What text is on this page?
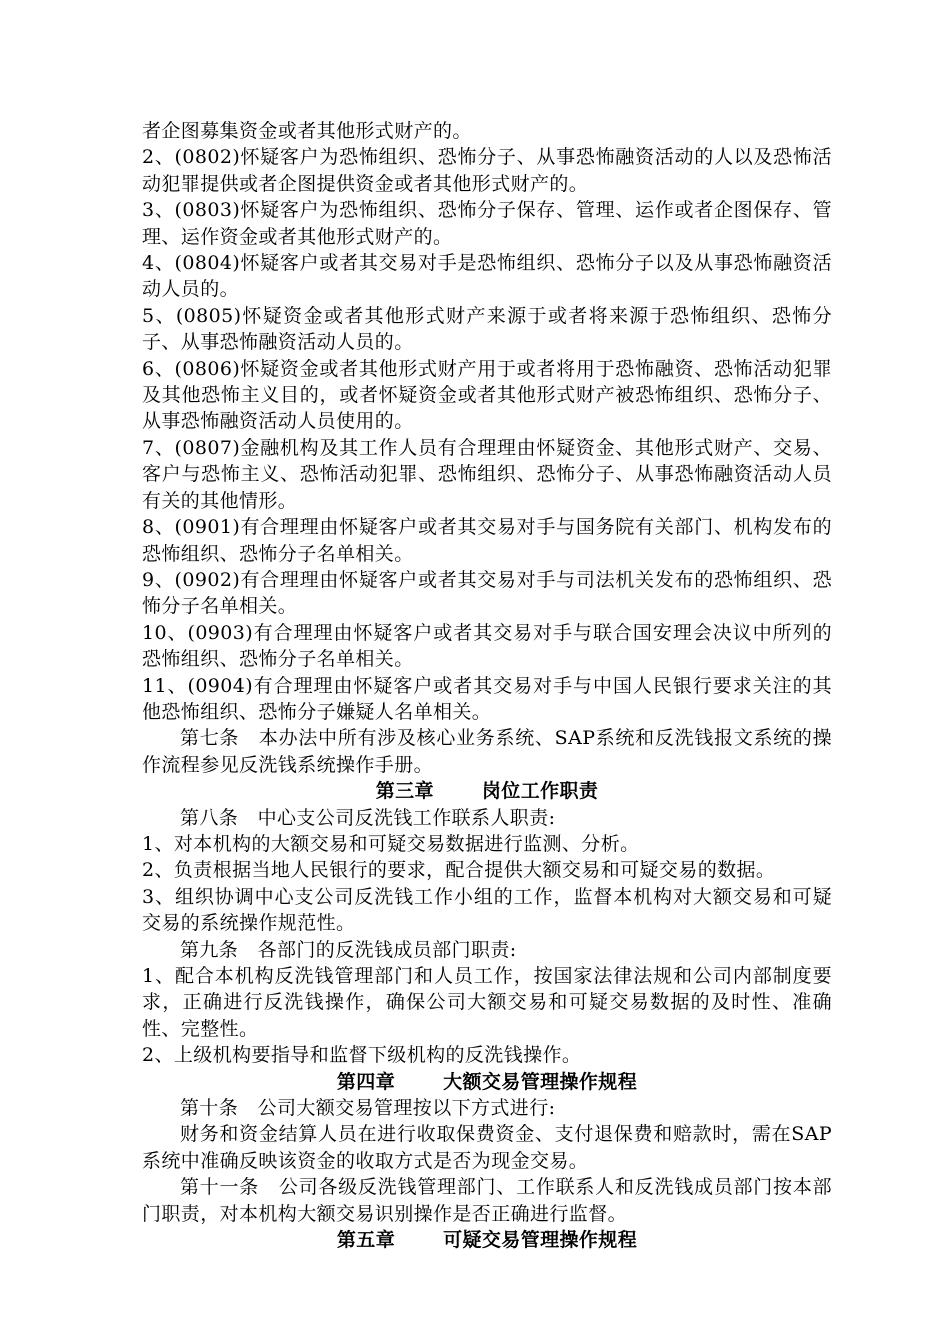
者企图募集资金或者其他形式财产的。

2、(0802)怀疑客户为恐怖组织、恐怖分子、从事恐怖融资活动的人以及恐怖活动犯罪提供或者企图提供资金或者其他形式财产的。

3、(0803)怀疑客户为恐怖组织、恐怖分子保存、管理、运作或者企图保存、管理、运作资金或者其他形式财产的。

4、(0804)怀疑客户或者其交易对手是恐怖组织、恐怖分子以及从事恐怖融资活动人员的。

5、(0805)怀疑资金或者其他形式财产来源于或者将来源于恐怖组织、恐怖分子、从事恐怖融资活动人员的。

6、(0806)怀疑资金或者其他形式财产用于或者将用于恐怖融资、恐怖活动犯罪及其他恐怖主义目的，或者怀疑资金或者其他形式财产被恐怖组织、恐怖分子、从事恐怖融资活动人员使用的。

7、(0807)金融机构及其工作人员有合理理由怀疑资金、其他形式财产、交易、客户与恐怖主义、恐怖活动犯罪、恐怖组织、恐怖分子、从事恐怖融资活动人员有关的其他情形。

8、(0901)有合理理由怀疑客户或者其交易对手与国务院有关部门、机构发布的恐怖组织、恐怖分子名单相关。

9、(0902)有合理理由怀疑客户或者其交易对手与司法机关发布的恐怖组织、恐怖分子名单相关。

10、(0903)有合理理由怀疑客户或者其交易对手与联合国安理会决议中所列的恐怖组织、恐怖分子名单相关。

11、(0904)有合理理由怀疑客户或者其交易对手与中国人民银行要求关注的其他恐怖组织、恐怖分子嫌疑人名单相关。

第七条　本办法中所有涉及核心业务系统、SAP系统和反洗钱报文系统的操作流程参见反洗钱系统操作手册。

第三章	岗位工作职责

第八条　中心支公司反洗钱工作联系人职责:

1、对本机构的大额交易和可疑交易数据进行监测、分析。

2、负责根据当地人民银行的要求，配合提供大额交易和可疑交易的数据。

3、组织协调中心支公司反洗钱工作小组的工作，监督本机构对大额交易和可疑交易的系统操作规范性。

第九条　各部门的反洗钱成员部门职责:

1、配合本机构反洗钱管理部门和人员工作，按国家法律法规和公司内部制度要求，正确进行反洗钱操作，确保公司大额交易和可疑交易数据的及时性、准确性、完整性。

2、上级机构要指导和监督下级机构的反洗钱操作。

第四章	大额交易管理操作规程

第十条　公司大额交易管理按以下方式进行:

财务和资金结算人员在进行收取保费资金、支付退保费和赔款时，需在SAP系统中准确反映该资金的收取方式是否为现金交易。

第十一条　公司各级反洗钱管理部门、工作联系人和反洗钱成员部门按本部门职责，对本机构大额交易识别操作是否正确进行监督。

第五章	可疑交易管理操作规程
